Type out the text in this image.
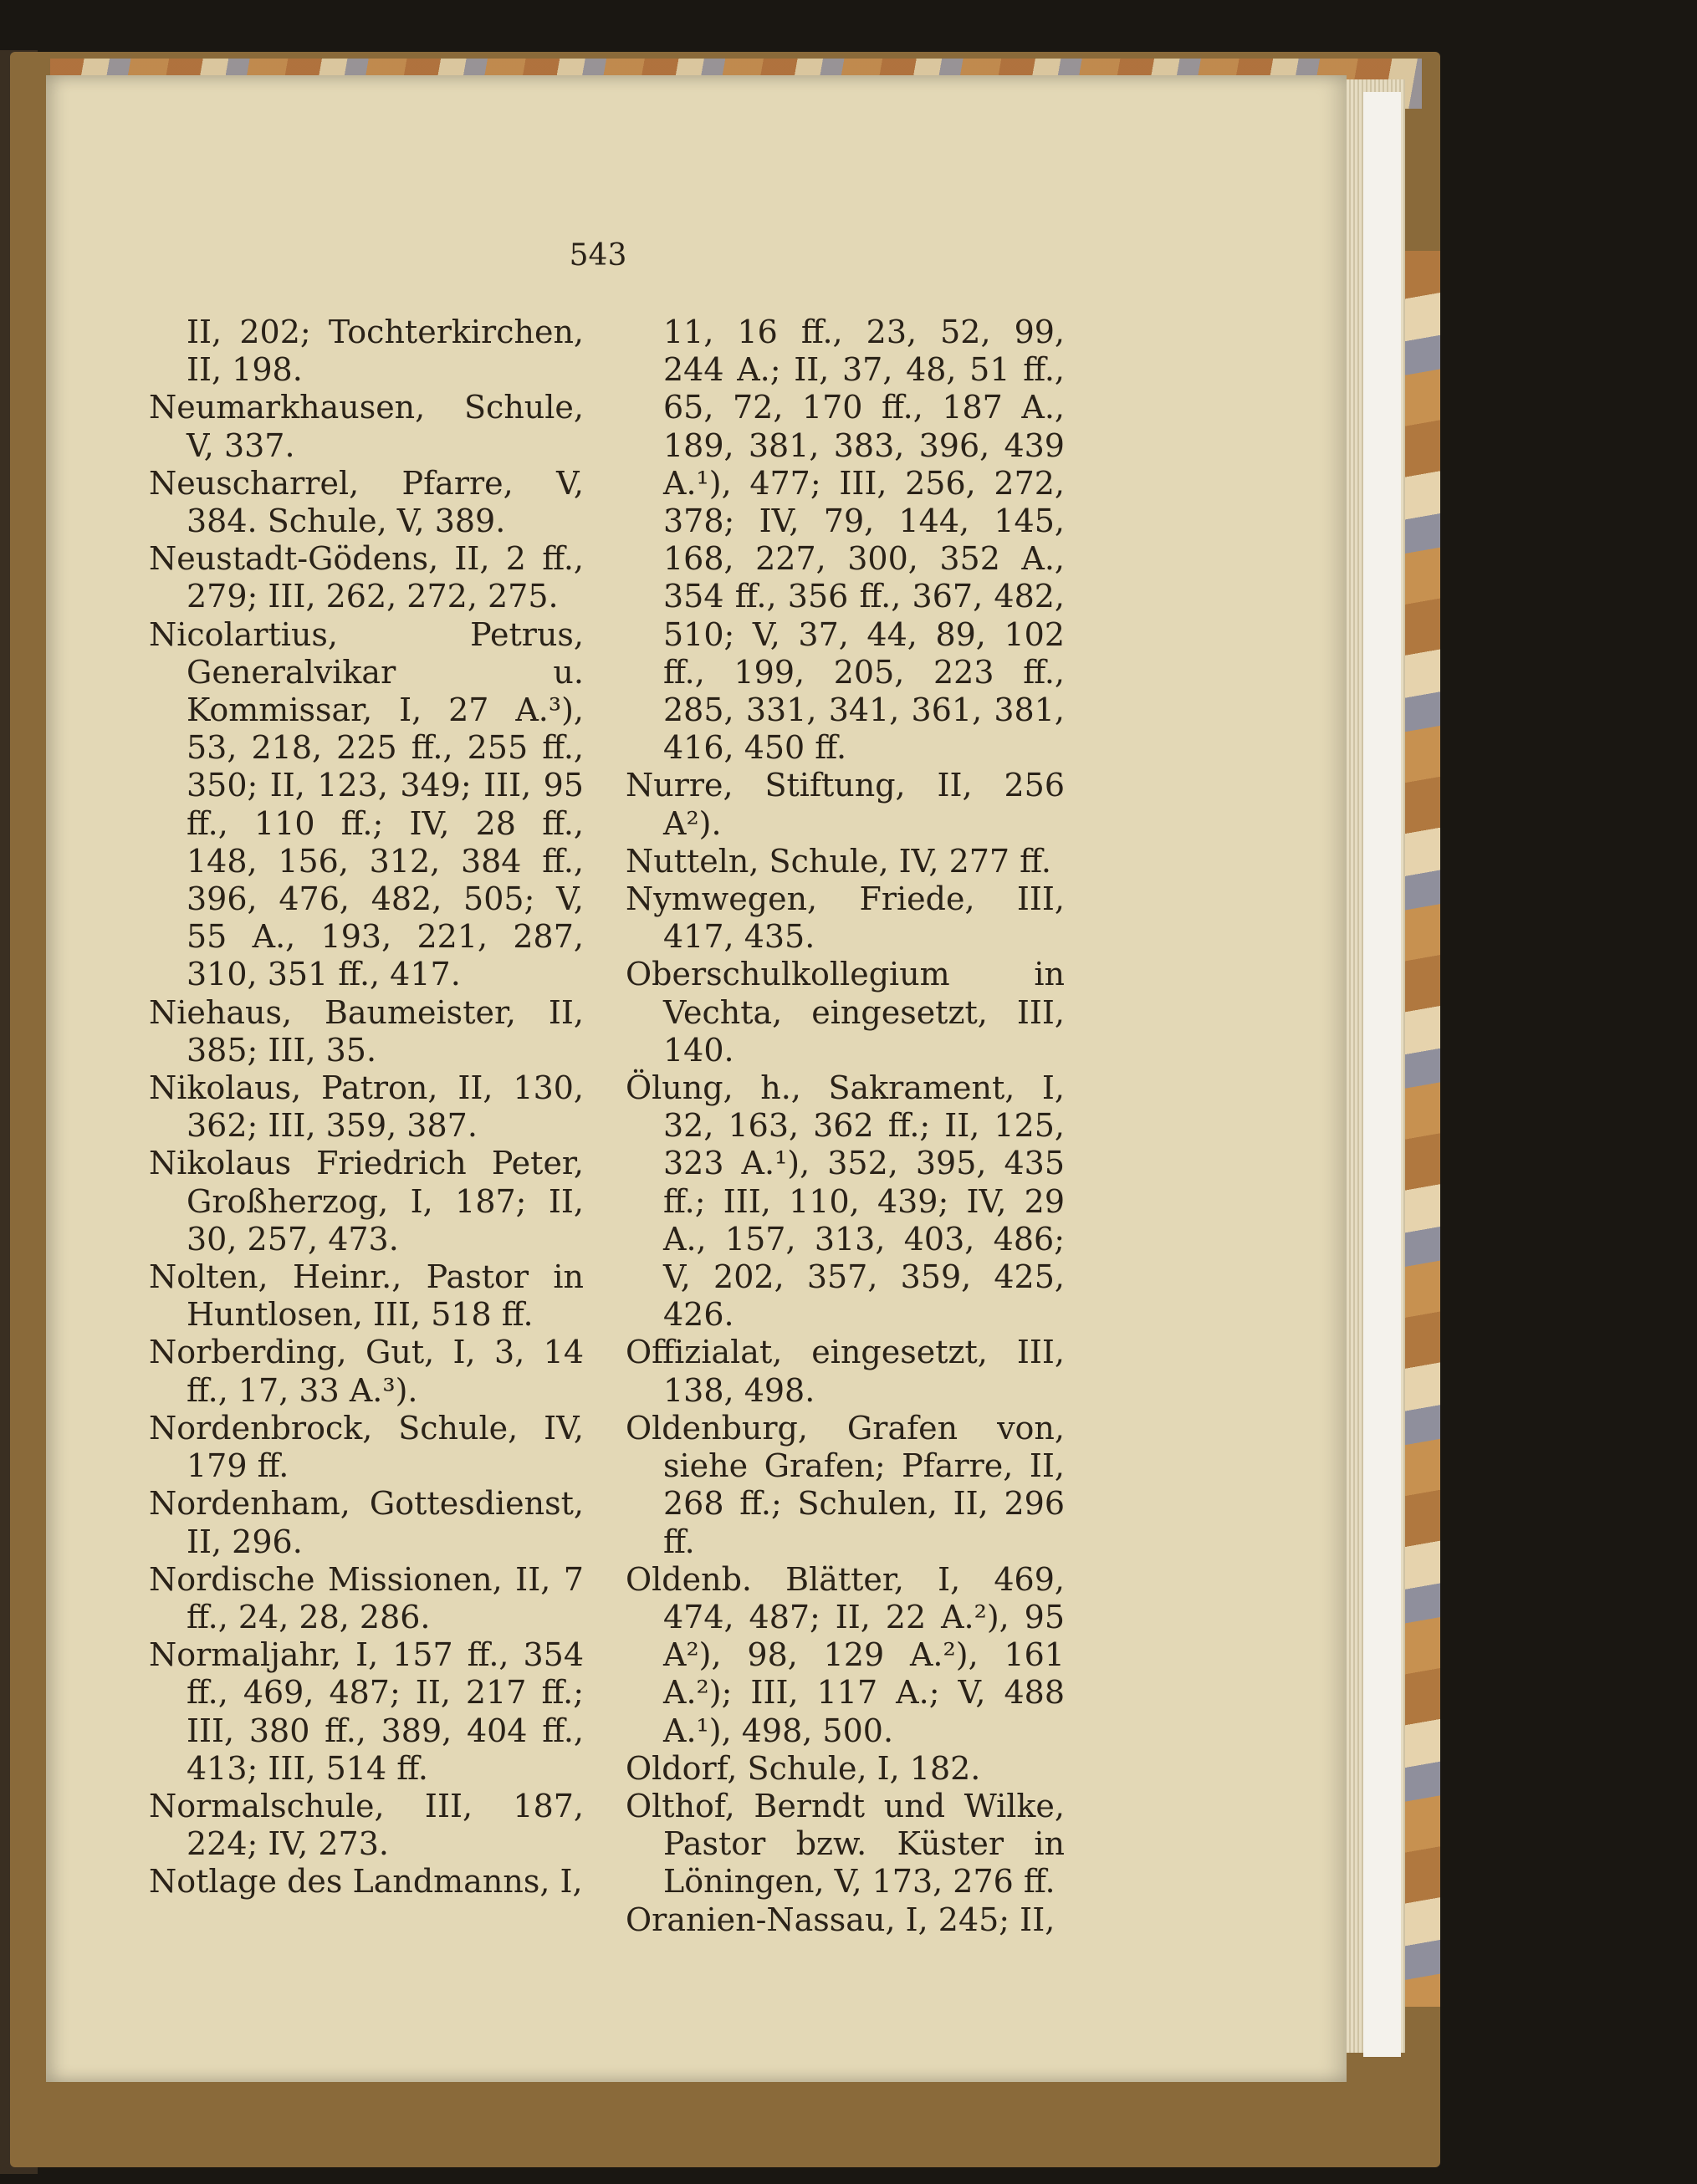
543
II, 202; Tochterkirchen, II, 198.
Neumarkhausen, Schule, V, 337.
Neuscharrel, Pfarre, V, 384. Schule, V, 389.
Neustadt-Gödens, II, 2 ff., 279; III, 262, 272, 275.
Nicolartius, Petrus, Generalvikar u. Kommissar, I, 27 A.³), 53, 218, 225 ff., 255 ff., 350; II, 123, 349; III, 95 ff., 110 ff.; IV, 28 ff., 148, 156, 312, 384 ff., 396, 476, 482, 505; V, 55 A., 193, 221, 287, 310, 351 ff., 417.
Niehaus, Baumeister, II, 385; III, 35.
Nikolaus, Patron, II, 130, 362; III, 359, 387.
Nikolaus Friedrich Peter, Großherzog, I, 187; II, 30, 257, 473.
Nolten, Heinr., Pastor in Huntlosen, III, 518 ff.
Norberding, Gut, I, 3, 14 ff., 17, 33 A.³).
Nordenbrock, Schule, IV, 179 ff.
Nordenham, Gottesdienst, II, 296.
Nordische Missionen, II, 7 ff., 24, 28, 286.
Normaljahr, I, 157 ff., 354 ff., 469, 487; II, 217 ff.; III, 380 ff., 389, 404 ff., 413; III, 514 ff.
Normalschule, III, 187, 224; IV, 273.
Notlage des Landmanns, I,
11, 16 ff., 23, 52, 99, 244 A.; II, 37, 48, 51 ff., 65, 72, 170 ff., 187 A., 189, 381, 383, 396, 439 A.¹), 477; III, 256, 272, 378; IV, 79, 144, 145, 168, 227, 300, 352 A., 354 ff., 356 ff., 367, 482, 510; V, 37, 44, 89, 102 ff., 199, 205, 223 ff., 285, 331, 341, 361, 381, 416, 450 ff.
Nurre, Stiftung, II, 256 A²).
Nutteln, Schule, IV, 277 ff.
Nymwegen, Friede, III, 417, 435.
Oberschulkollegium in Vechta, eingesetzt, III, 140.
Ölung, h., Sakrament, I, 32, 163, 362 ff.; II, 125, 323 A.¹), 352, 395, 435 ff.; III, 110, 439; IV, 29 A., 157, 313, 403, 486; V, 202, 357, 359, 425, 426.
Offizialat, eingesetzt, III, 138, 498.
Oldenburg, Grafen von, siehe Grafen; Pfarre, II, 268 ff.; Schulen, II, 296 ff.
Oldenb. Blätter, I, 469, 474, 487; II, 22 A.²), 95 A²), 98, 129 A.²), 161 A.²); III, 117 A.; V, 488 A.¹), 498, 500.
Oldorf, Schule, I, 182.
Olthof, Berndt und Wilke, Pastor bzw. Küster in Löningen, V, 173, 276 ff.
Oranien-Nassau, I, 245; II,
